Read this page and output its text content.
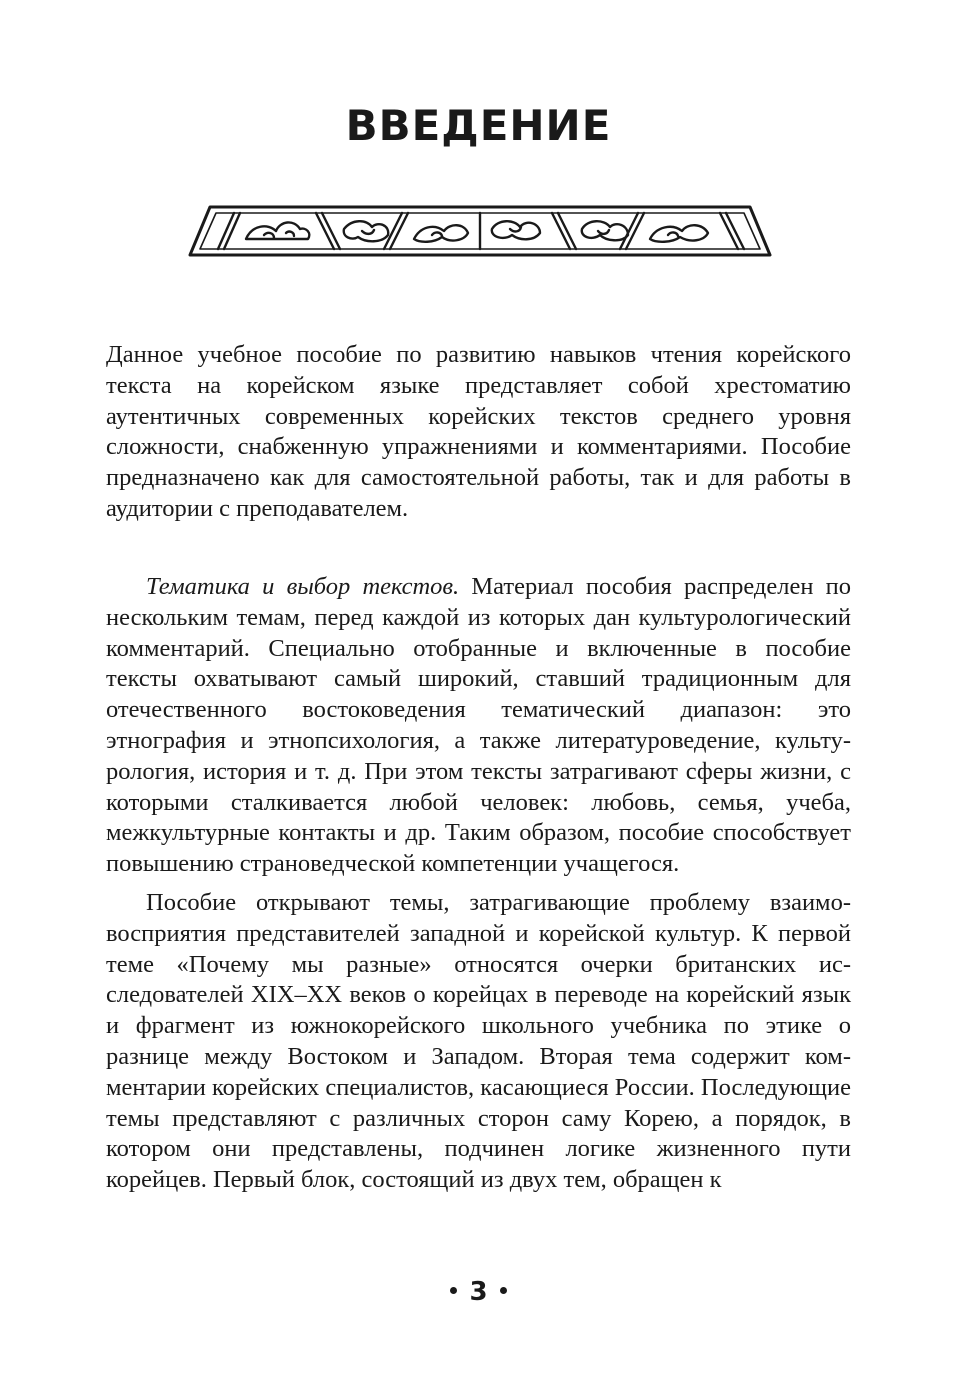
ВВЕДЕНИЕ

Данное учебное пособие по развитию навыков чтения корейского текста на корейском языке представляет собой хрестоматию аутентичных современных корейских текстов среднего уровня сложности, снабженную упражнениями и комментариями. Пособие предназначено как для самостоятельной работы, так и для работы в аудитории с преподавателем.

Тематика и выбор текстов. Материал пособия распределен по нескольким темам, перед каждой из которых дан культурологический комментарий. Специально отобранные и включенные в пособие тексты охватывают самый широкий, ставший традиционным для отечественного востоковедения тематический диапазон: это этнография и этнопсихология, а также литературоведение, культурология, история и т. д. При этом тексты затрагивают сферы жизни, с которыми сталкивается любой человек: любовь, семья, учеба, межкультурные контакты и др. Таким образом, пособие способствует повышению страноведческой компетенции учащегося.

Пособие открывают темы, затрагивающие проблему взаимовосприятия представителей западной и корейской культур. К первой теме «Почему мы разные» относятся очерки британских исследователей XIX–XX веков о корейцах в переводе на корейский язык и фрагмент из южнокорейского школьного учебника по этике о разнице между Востоком и Западом. Вторая тема содержит комментарии корейских специалистов, касающиеся России. Последующие темы представляют с различных сторон саму Корею, а порядок, в котором они представлены, подчинен логике жизненного пути корейцев. Первый блок, состоящий из двух тем, обращен к

3
